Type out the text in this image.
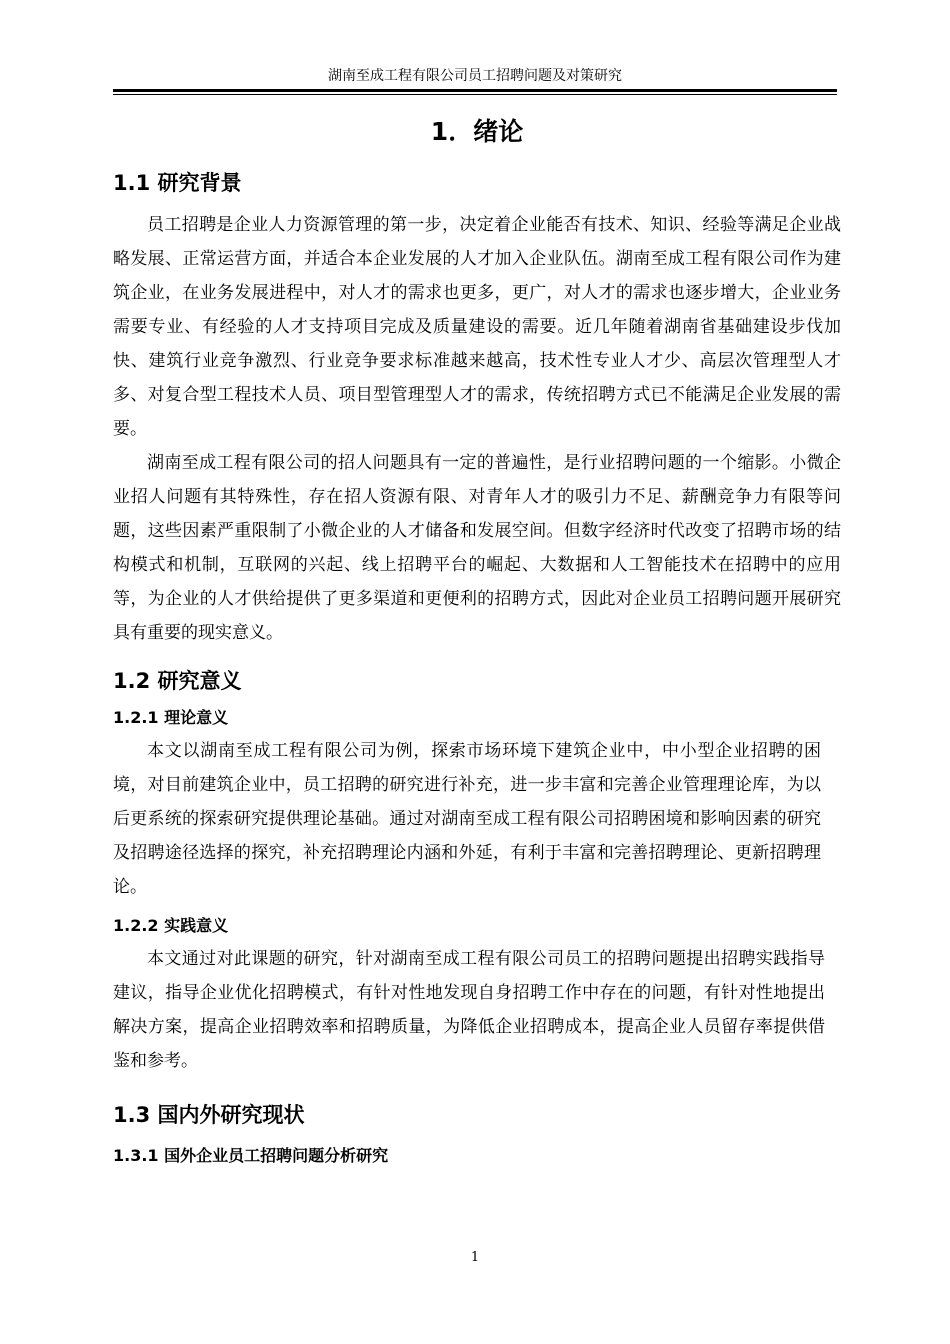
湖南至成工程有限公司员工招聘问题及对策研究
1．绪论
1.1 研究背景

员工招聘是企业人力资源管理的第一步，决定着企业能否有技术、知识、经验等满足企业战略发展、正常运营方面，并适合本企业发展的人才加入企业队伍。湖南至成工程有限公司作为建筑企业，在业务发展进程中，对人才的需求也更多，更广，对人才的需求也逐步增大，企业业务需要专业、有经验的人才支持项目完成及质量建设的需要。近几年随着湖南省基础建设步伐加快、建筑行业竞争激烈、行业竞争要求标准越来越高，技术性专业人才少、高层次管理型人才多、对复合型工程技术人员、项目型管理型人才的需求，传统招聘方式已不能满足企业发展的需要。

湖南至成工程有限公司的招人问题具有一定的普遍性，是行业招聘问题的一个缩影。小微企业招人问题有其特殊性，存在招人资源有限、对青年人才的吸引力不足、薪酬竞争力有限等问题，这些因素严重限制了小微企业的人才储备和发展空间。但数字经济时代改变了招聘市场的结构模式和机制，互联网的兴起、线上招聘平台的崛起、大数据和人工智能技术在招聘中的应用等，为企业的人才供给提供了更多渠道和更便利的招聘方式，因此对企业员工招聘问题开展研究具有重要的现实意义。

1.2 研究意义
1.2.1 理论意义

本文以湖南至成工程有限公司为例，探索市场环境下建筑企业中，中小型企业招聘的困境，对目前建筑企业中，员工招聘的研究进行补充，进一步丰富和完善企业管理理论库，为以后更系统的探索研究提供理论基础。通过对湖南至成工程有限公司招聘困境和影响因素的研究及招聘途径选择的探究，补充招聘理论内涵和外延，有利于丰富和完善招聘理论、更新招聘理论。

1.2.2 实践意义

本文通过对此课题的研究，针对湖南至成工程有限公司员工的招聘问题提出招聘实践指导建议，指导企业优化招聘模式，有针对性地发现自身招聘工作中存在的问题，有针对性地提出解决方案，提高企业招聘效率和招聘质量，为降低企业招聘成本，提高企业人员留存率提供借鉴和参考。

1.3 国内外研究现状
1.3.1 国外企业员工招聘问题分析研究
1
